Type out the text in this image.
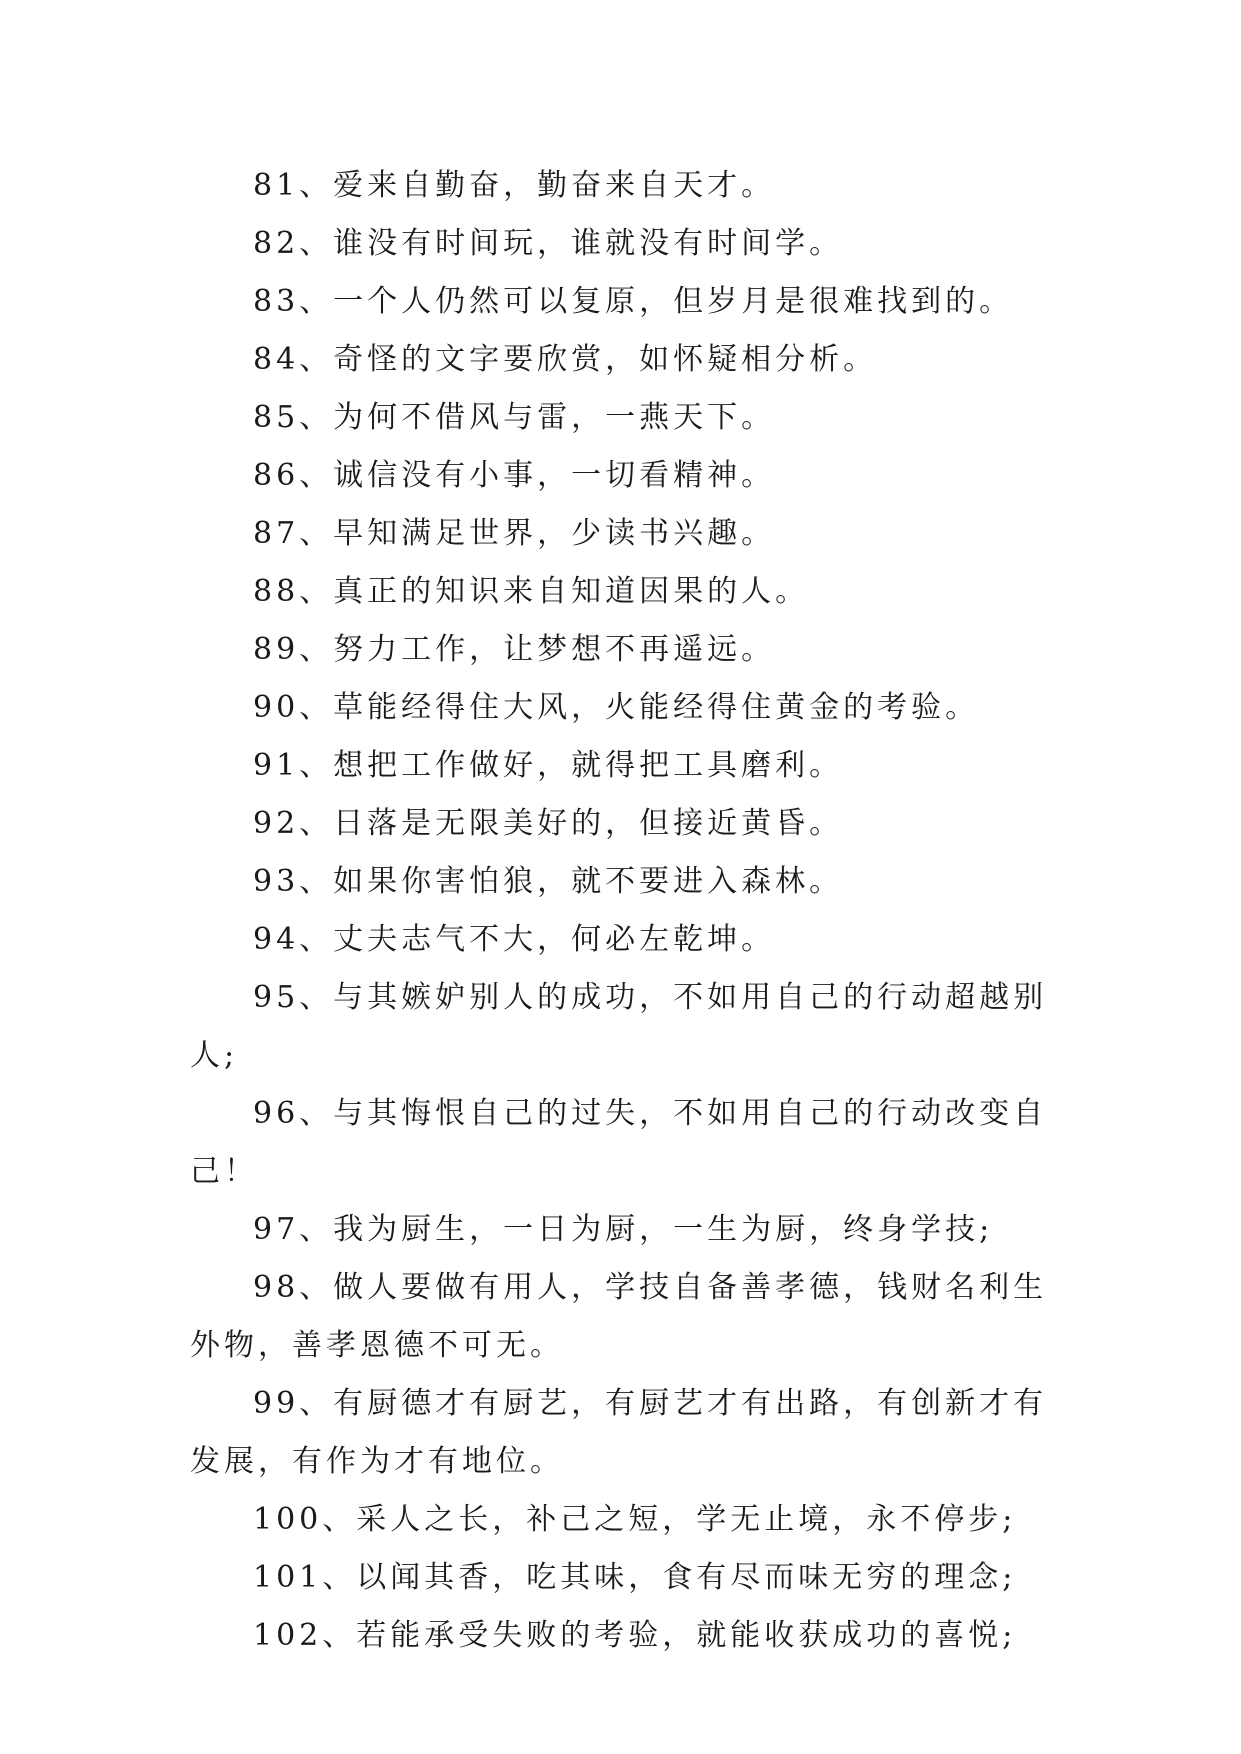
81、爱来自勤奋，勤奋来自天才。

82、谁没有时间玩，谁就没有时间学。

83、一个人仍然可以复原，但岁月是很难找到的。

84、奇怪的文字要欣赏，如怀疑相分析。

85、为何不借风与雷，一燕天下。

86、诚信没有小事，一切看精神。

87、早知满足世界，少读书兴趣。

88、真正的知识来自知道因果的人。

89、努力工作，让梦想不再遥远。

90、草能经得住大风，火能经得住黄金的考验。

91、想把工作做好，就得把工具磨利。

92、日落是无限美好的，但接近黄昏。

93、如果你害怕狼，就不要进入森林。

94、丈夫志气不大，何必左乾坤。

95、与其嫉妒别人的成功，不如用自己的行动超越别人;

96、与其悔恨自己的过失，不如用自己的行动改变自己！

97、我为厨生，一日为厨，一生为厨，终身学技;

98、做人要做有用人，学技自备善孝德，钱财名利生外物，善孝恩德不可无。

99、有厨德才有厨艺，有厨艺才有出路，有创新才有发展，有作为才有地位。

100、采人之长，补己之短，学无止境，永不停步;

101、以闻其香，吃其味，食有尽而味无穷的理念;

102、若能承受失败的考验，就能收获成功的喜悦;
